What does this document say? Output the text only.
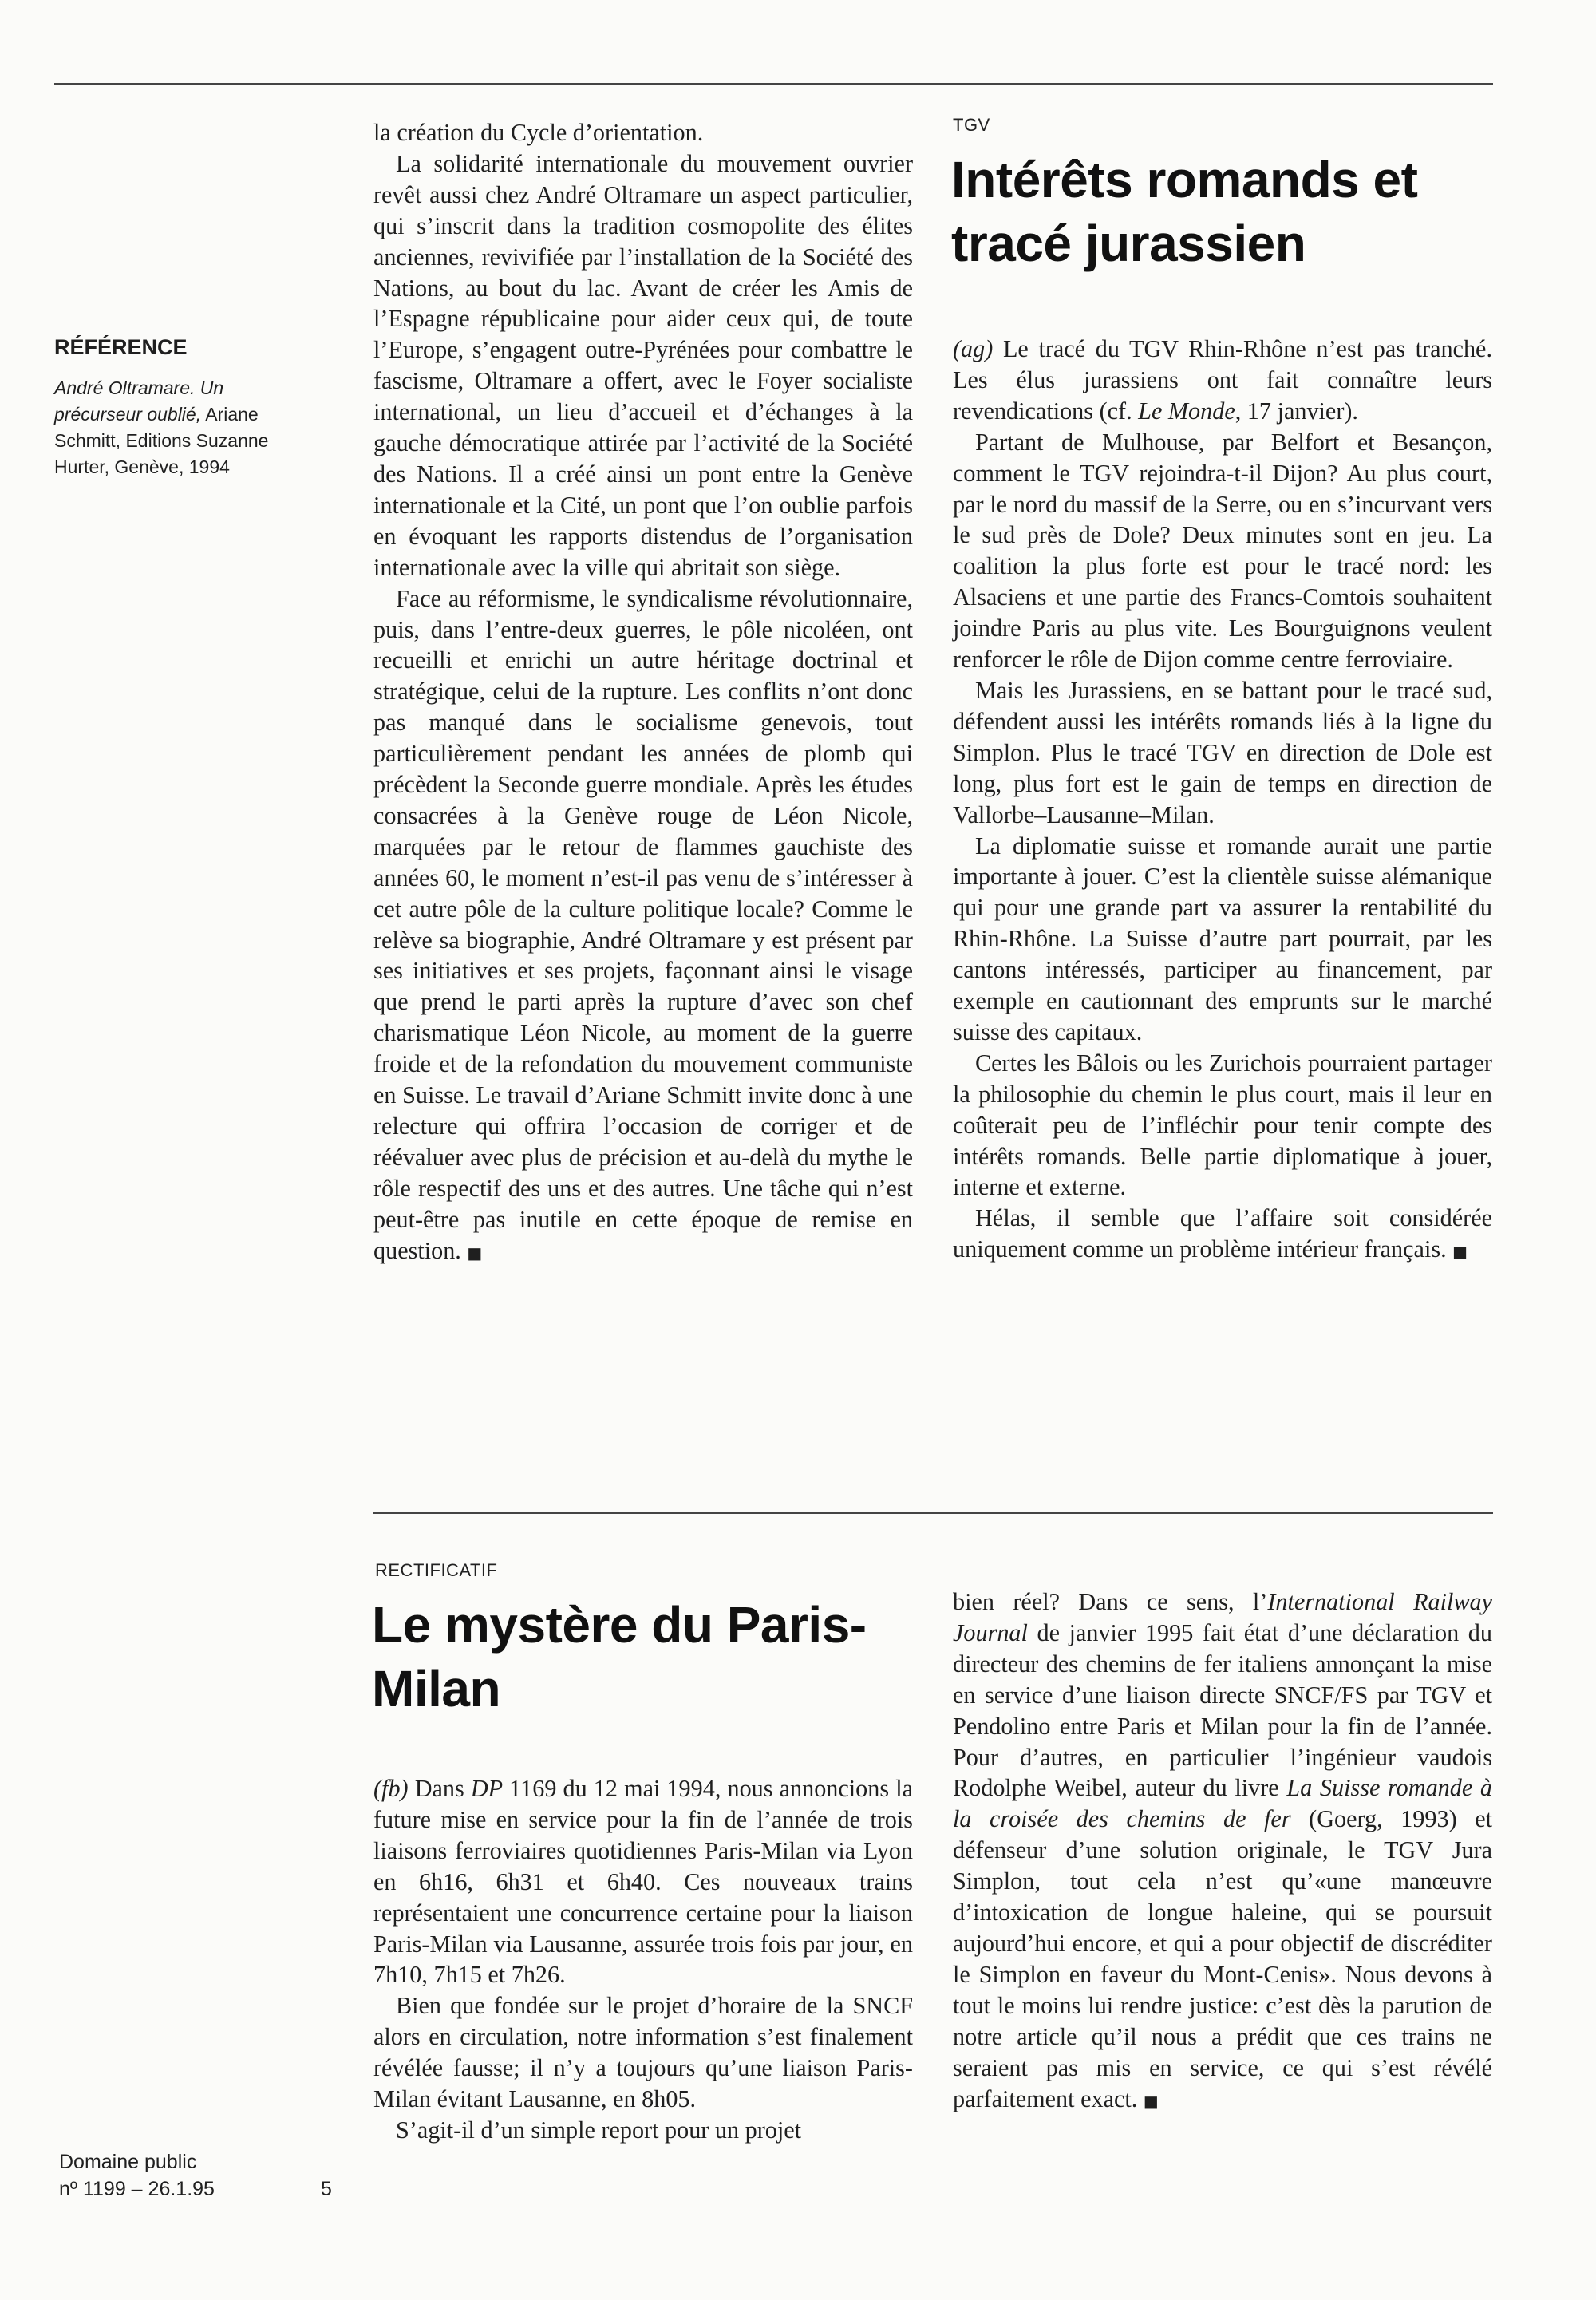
RÉFÉRENCE
André Oltramare. Un précurseur oublié, Ariane Schmitt, Editions Suzanne Hurter, Genève, 1994

la création du Cycle d’orientation.

La solidarité internationale du mouvement ouvrier revêt aussi chez André Oltramare un aspect particulier, qui s’inscrit dans la tradition cosmopolite des élites anciennes, revivifiée par l’installation de la Société des Nations, au bout du lac. Avant de créer les Amis de l’Espagne républicaine pour aider ceux qui, de toute l’Europe, s’engagent outre-Pyrénées pour combattre le fascisme, Oltramare a offert, avec le Foyer socialiste international, un lieu d’accueil et d’échanges à la gauche démocratique attirée par l’activité de la Société des Nations. Il a créé ainsi un pont entre la Genève internationale et la Cité, un pont que l’on oublie parfois en évoquant les rapports distendus de l’organisation internationale avec la ville qui abritait son siège.

Face au réformisme, le syndicalisme révolutionnaire, puis, dans l’entre-deux guerres, le pôle nicoléen, ont recueilli et enrichi un autre héritage doctrinal et stratégique, celui de la rupture. Les conflits n’ont donc pas manqué dans le socialisme genevois, tout particulièrement pendant les années de plomb qui précèdent la Seconde guerre mondiale. Après les études consacrées à la Genève rouge de Léon Nicole, marquées par le retour de flammes gauchiste des années 60, le moment n’est-il pas venu de s’intéresser à cet autre pôle de la culture politique locale? Comme le relève sa biographie, André Oltramare y est présent par ses initiatives et ses projets, façonnant ainsi le visage que prend le parti après la rupture d’avec son chef charismatique Léon Nicole, au moment de la guerre froide et de la refondation du mouvement communiste en Suisse. Le travail d’Ariane Schmitt invite donc à une relecture qui offrira l’occasion de corriger et de réévaluer avec plus de précision et au-delà du mythe le rôle respectif des uns et des autres. Une tâche qui n’est peut-être pas inutile en cette époque de remise en question. ■

TGV
Intérêts romands et tracé jurassien

(ag) Le tracé du TGV Rhin-Rhône n’est pas tranché. Les élus jurassiens ont fait connaître leurs revendications (cf. Le Monde, 17 janvier).

Partant de Mulhouse, par Belfort et Besançon, comment le TGV rejoindra-t-il Dijon? Au plus court, par le nord du massif de la Serre, ou en s’incurvant vers le sud près de Dole? Deux minutes sont en jeu. La coalition la plus forte est pour le tracé nord: les Alsaciens et une partie des Francs-Comtois souhaitent joindre Paris au plus vite. Les Bourguignons veulent renforcer le rôle de Dijon comme centre ferroviaire.

Mais les Jurassiens, en se battant pour le tracé sud, défendent aussi les intérêts romands liés à la ligne du Simplon. Plus le tracé TGV en direction de Dole est long, plus fort est le gain de temps en direction de Vallorbe–Lausanne–Milan.

La diplomatie suisse et romande aurait une partie importante à jouer. C’est la clientèle suisse alémanique qui pour une grande part va assurer la rentabilité du Rhin-Rhône. La Suisse d’autre part pourrait, par les cantons intéressés, participer au financement, par exemple en cautionnant des emprunts sur le marché suisse des capitaux.

Certes les Bâlois ou les Zurichois pourraient partager la philosophie du chemin le plus court, mais il leur en coûterait peu de l’infléchir pour tenir compte des intérêts romands. Belle partie diplomatique à jouer, interne et externe.

Hélas, il semble que l’affaire soit considérée uniquement comme un problème intérieur français. ■

RECTIFICATIF
Le mystère du Paris-Milan

(fb) Dans DP 1169 du 12 mai 1994, nous annoncions la future mise en service pour la fin de l’année de trois liaisons ferroviaires quotidiennes Paris-Milan via Lyon en 6h16, 6h31 et 6h40. Ces nouveaux trains représentaient une concurrence certaine pour la liaison Paris-Milan via Lausanne, assurée trois fois par jour, en 7h10, 7h15 et 7h26.

Bien que fondée sur le projet d’horaire de la SNCF alors en circulation, notre information s’est finalement révélée fausse; il n’y a toujours qu’une liaison Paris-Milan évitant Lausanne, en 8h05.

S’agit-il d’un simple report pour un projet

bien réel? Dans ce sens, l’International Railway Journal de janvier 1995 fait état d’une déclaration du directeur des chemins de fer italiens annonçant la mise en service d’une liaison directe SNCF/FS par TGV et Pendolino entre Paris et Milan pour la fin de l’année. Pour d’autres, en particulier l’ingénieur vaudois Rodolphe Weibel, auteur du livre La Suisse romande à la croisée des chemins de fer (Goerg, 1993) et défenseur d’une solution originale, le TGV Jura Simplon, tout cela n’est qu’«une manœuvre d’intoxication de longue haleine, qui se poursuit aujourd’hui encore, et qui a pour objectif de discréditer le Simplon en faveur du Mont-Cenis». Nous devons à tout le moins lui rendre justice: c’est dès la parution de notre article qu’il nous a prédit que ces trains ne seraient pas mis en service, ce qui s’est révélé parfaitement exact. ■

Domaine public
nº 1199 – 26.1.95	5
